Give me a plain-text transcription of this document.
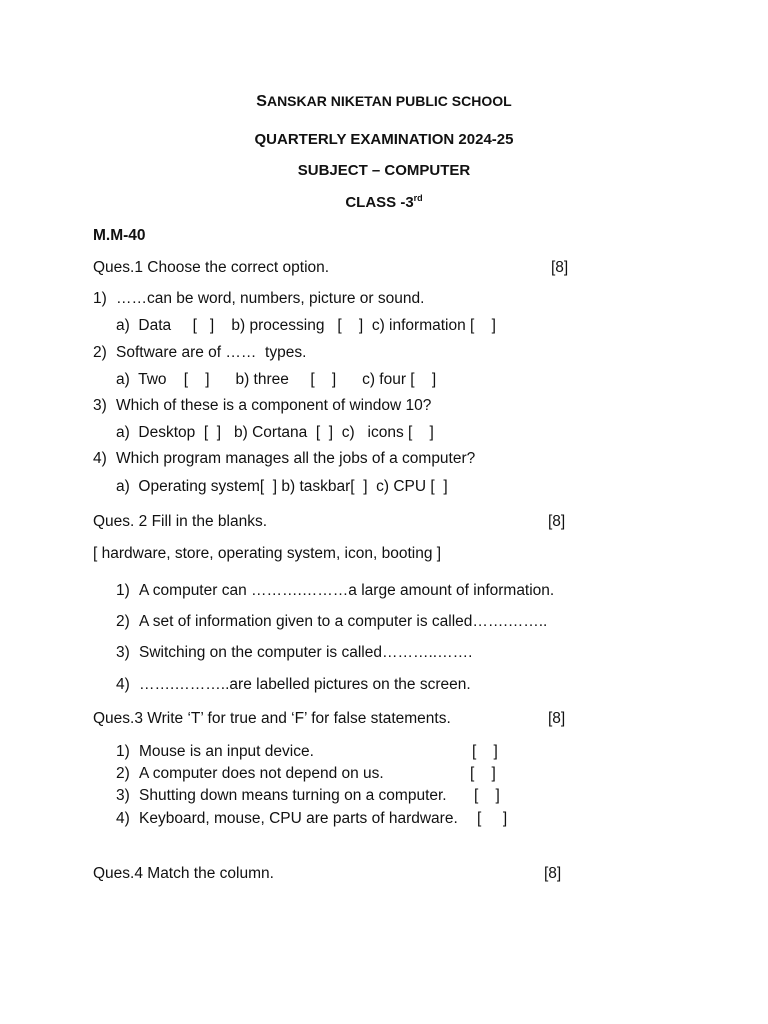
SANSKAR NIKETAN PUBLIC SCHOOL
QUARTERLY EXAMINATION 2024-25
SUBJECT – COMPUTER
CLASS -3rd
M.M-40
Ques.1 Choose the correct option.	[8]
1) ……can be word, numbers, picture or sound.
a)  Data     [   ]    b) processing   [    ]  c) information [    ]
2) Software are of ……  types.
a)  Two    [    ]      b) three     [    ]      c) four [    ]
3) Which of these is a component of window 10?
a)  Desktop  [  ]   b) Cortana  [  ]  c)   icons [    ]
4) Which program manages all the jobs of a computer?
a)  Operating system[  ] b) taskbar[  ]  c) CPU [  ]
Ques. 2 Fill in the blanks.	[8]
[ hardware, store, operating system, icon, booting ]
1) A computer can ……….………a large amount of information.
2) A set of information given to a computer is called…….……..
3) Switching on the computer is called………..…….
4) …….………..are labelled pictures on the screen.
Ques.3 Write ‘T’ for true and ‘F’ for false statements.	[8]
1) Mouse is an input device.	[    ]
2) A computer does not depend on us.	[    ]
3) Shutting down means turning on a computer. [    ]
4) Keyboard, mouse, CPU are parts of hardware. [     ]
Ques.4 Match the column.	[8]
